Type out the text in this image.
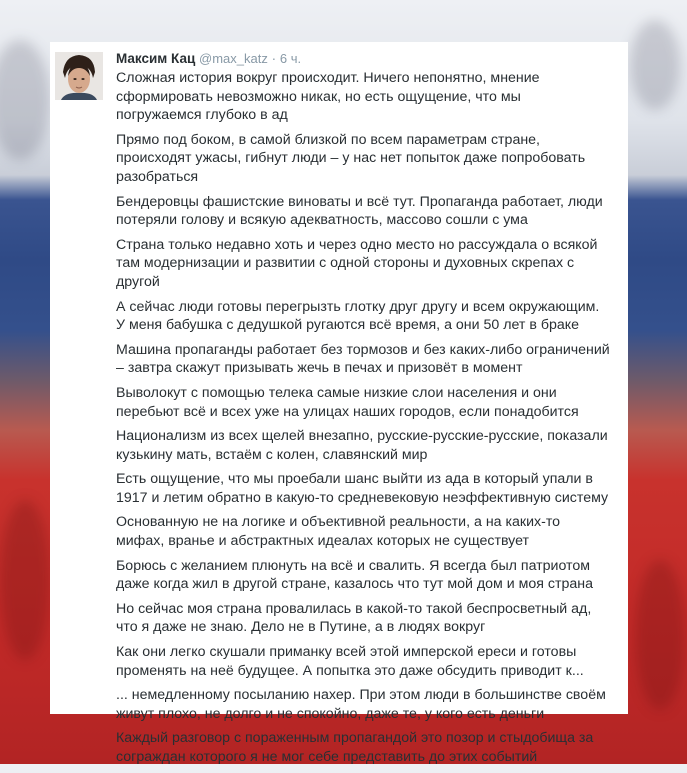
Максим Кац @max_katz · 6 ч.
Сложная история вокруг происходит. Ничего непонятно, мнение сформировать невозможно никак, но есть ощущение, что мы погружаемся глубоко в ад
Прямо под боком, в самой близкой по всем параметрам стране, происходят ужасы, гибнут люди – у нас нет попыток даже попробовать разобраться
Бендеровцы фашистские виноваты и всё тут. Пропаганда работает, люди потеряли голову и всякую адекватность, массово сошли с ума
Страна только недавно хоть и через одно место но рассуждала о всякой там модернизации и развитии с одной стороны и духовных скрепах с другой
А сейчас люди готовы перегрызть глотку друг другу и всем окружающим. У меня бабушка с дедушкой ругаются всё время, а они 50 лет в браке
Машина пропаганды работает без тормозов и без каких-либо ограничений – завтра скажут призывать жечь в печах и призовёт в момент
Выволокут с помощью телека самые низкие слои населения и они перебьют всё и всех уже на улицах наших городов, если понадобится
Национализм из всех щелей внезапно, русские-русские-русские, показали кузькину мать, встаём с колен, славянский мир
Есть ощущение, что мы проебали шанс выйти из ада в который упали в 1917 и летим обратно в какую-то средневековую неэффективную систему
Основанную не на логике и объективной реальности, а на каких-то мифах, вранье и абстрактных идеалах которых не существует
Борюсь с желанием плюнуть на всё и свалить. Я всегда был патриотом даже когда жил в другой стране, казалось что тут мой дом и моя страна
Но сейчас моя страна провалилась в какой-то такой беспросветный ад, что я даже не знаю. Дело не в Путине, а в людях вокруг
Как они легко скушали приманку всей этой имперской ереси и готовы променять на неё будущее. А попытка это даже обсудить приводит к...
... немедленному посыланию нахер. При этом люди в большинстве своём живут плохо, не долго и не спокойно, даже те, у кого есть деньги
Каждый разговор с пораженным пропагандой это позор и стыдобища за сограждан которого я не мог себе представить до этих событий
